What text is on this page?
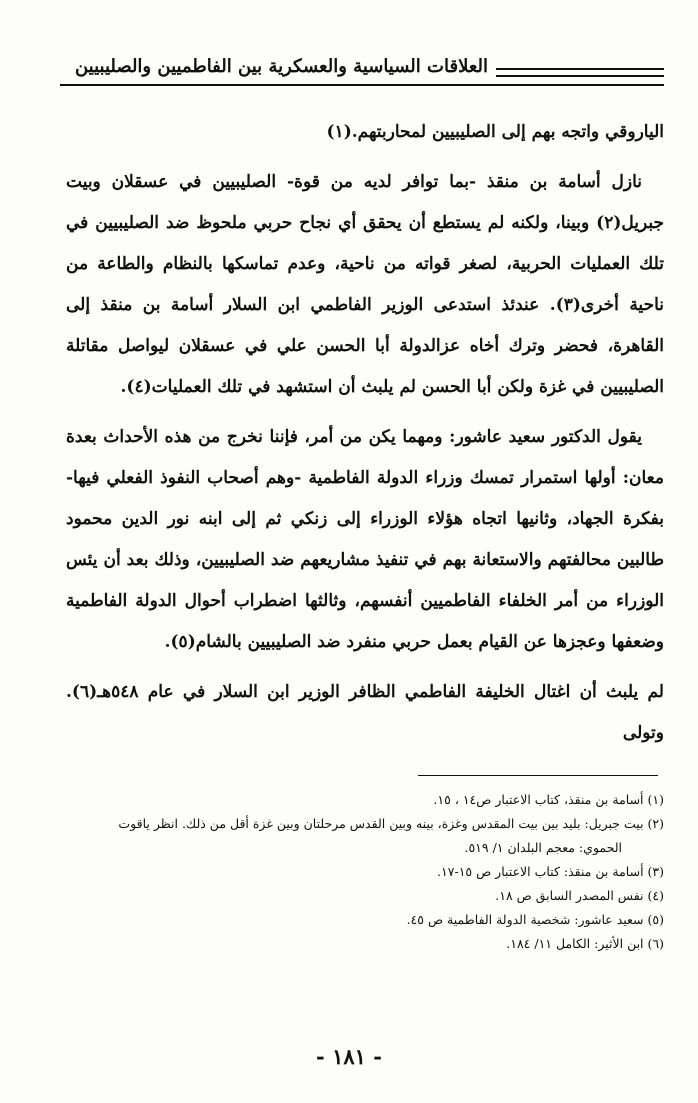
العلاقات السياسية والعسكرية بين الفاطميين والصليبيين

الياروقي واتجه بهم إلى الصليبيين لمحاربتهم.(١)

نازل أسامة بن منقذ -بما توافر لديه من قوة- الصليبيين في عسقلان وبيت جبريل(٢) وبينا، ولكنه لم يستطع أن يحقق أي نجاح حربي ملحوظ ضد الصليبيين في تلك العمليات الحربية، لصغر قواته من ناحية، وعدم تماسكها بالنظام والطاعة من ناحية أخرى(٣). عندئذ استدعى الوزير الفاطمي ابن السلار أسامة بن منقذ إلى القاهرة، فحضر وترك أخاه عزالدولة أبا الحسن علي في عسقلان ليواصل مقاتلة الصليبيين في غزة ولكن أبا الحسن لم يلبث أن استشهد في تلك العمليات(٤).

يقول الدكتور سعيد عاشور: ومهما يكن من أمر، فإننا نخرج من هذه الأحداث بعدة معان: أولها استمرار تمسك وزراء الدولة الفاطمية -وهم أصحاب النفوذ الفعلي فيها- بفكرة الجهاد، وثانيها اتجاه هؤلاء الوزراء إلى زنكي ثم إلى ابنه نور الدين محمود طالبين محالفتهم والاستعانة بهم في تنفيذ مشاريعهم ضد الصليبيين، وذلك بعد أن يئس الوزراء من أمر الخلفاء الفاطميين أنفسهم، وثالثها اضطراب أحوال الدولة الفاطمية وضعفها وعجزها عن القيام بعمل حربي منفرد ضد الصليبيين بالشام(٥).

لم يلبث أن اغتال الخليفة الفاطمي الظافر الوزير ابن السلار في عام ٥٤٨هـ(٦). وتولى

(١) أسامة بن منقذ، كتاب الاعتبار ص١٤ ، ١٥.
(٢) بيت جبريل: بليد بين بيت المقدس وغزة، بينه وبين القدس مرحلتان وبين غزة أقل من ذلك. انظر ياقوت
الحموي: معجم البلدان ١/ ٥١٩.
(٣) أسامة بن منقذ: كتاب الاعتبار ص ١٥-١٧.
(٤) نفس المصدر السابق ص ١٨.
(٥) سعيد عاشور: شخصية الدولة الفاطمية ص ٤٥.
(٦) ابن الأثير: الكامل ١١/ ١٨٤.
- ١٨١ -
